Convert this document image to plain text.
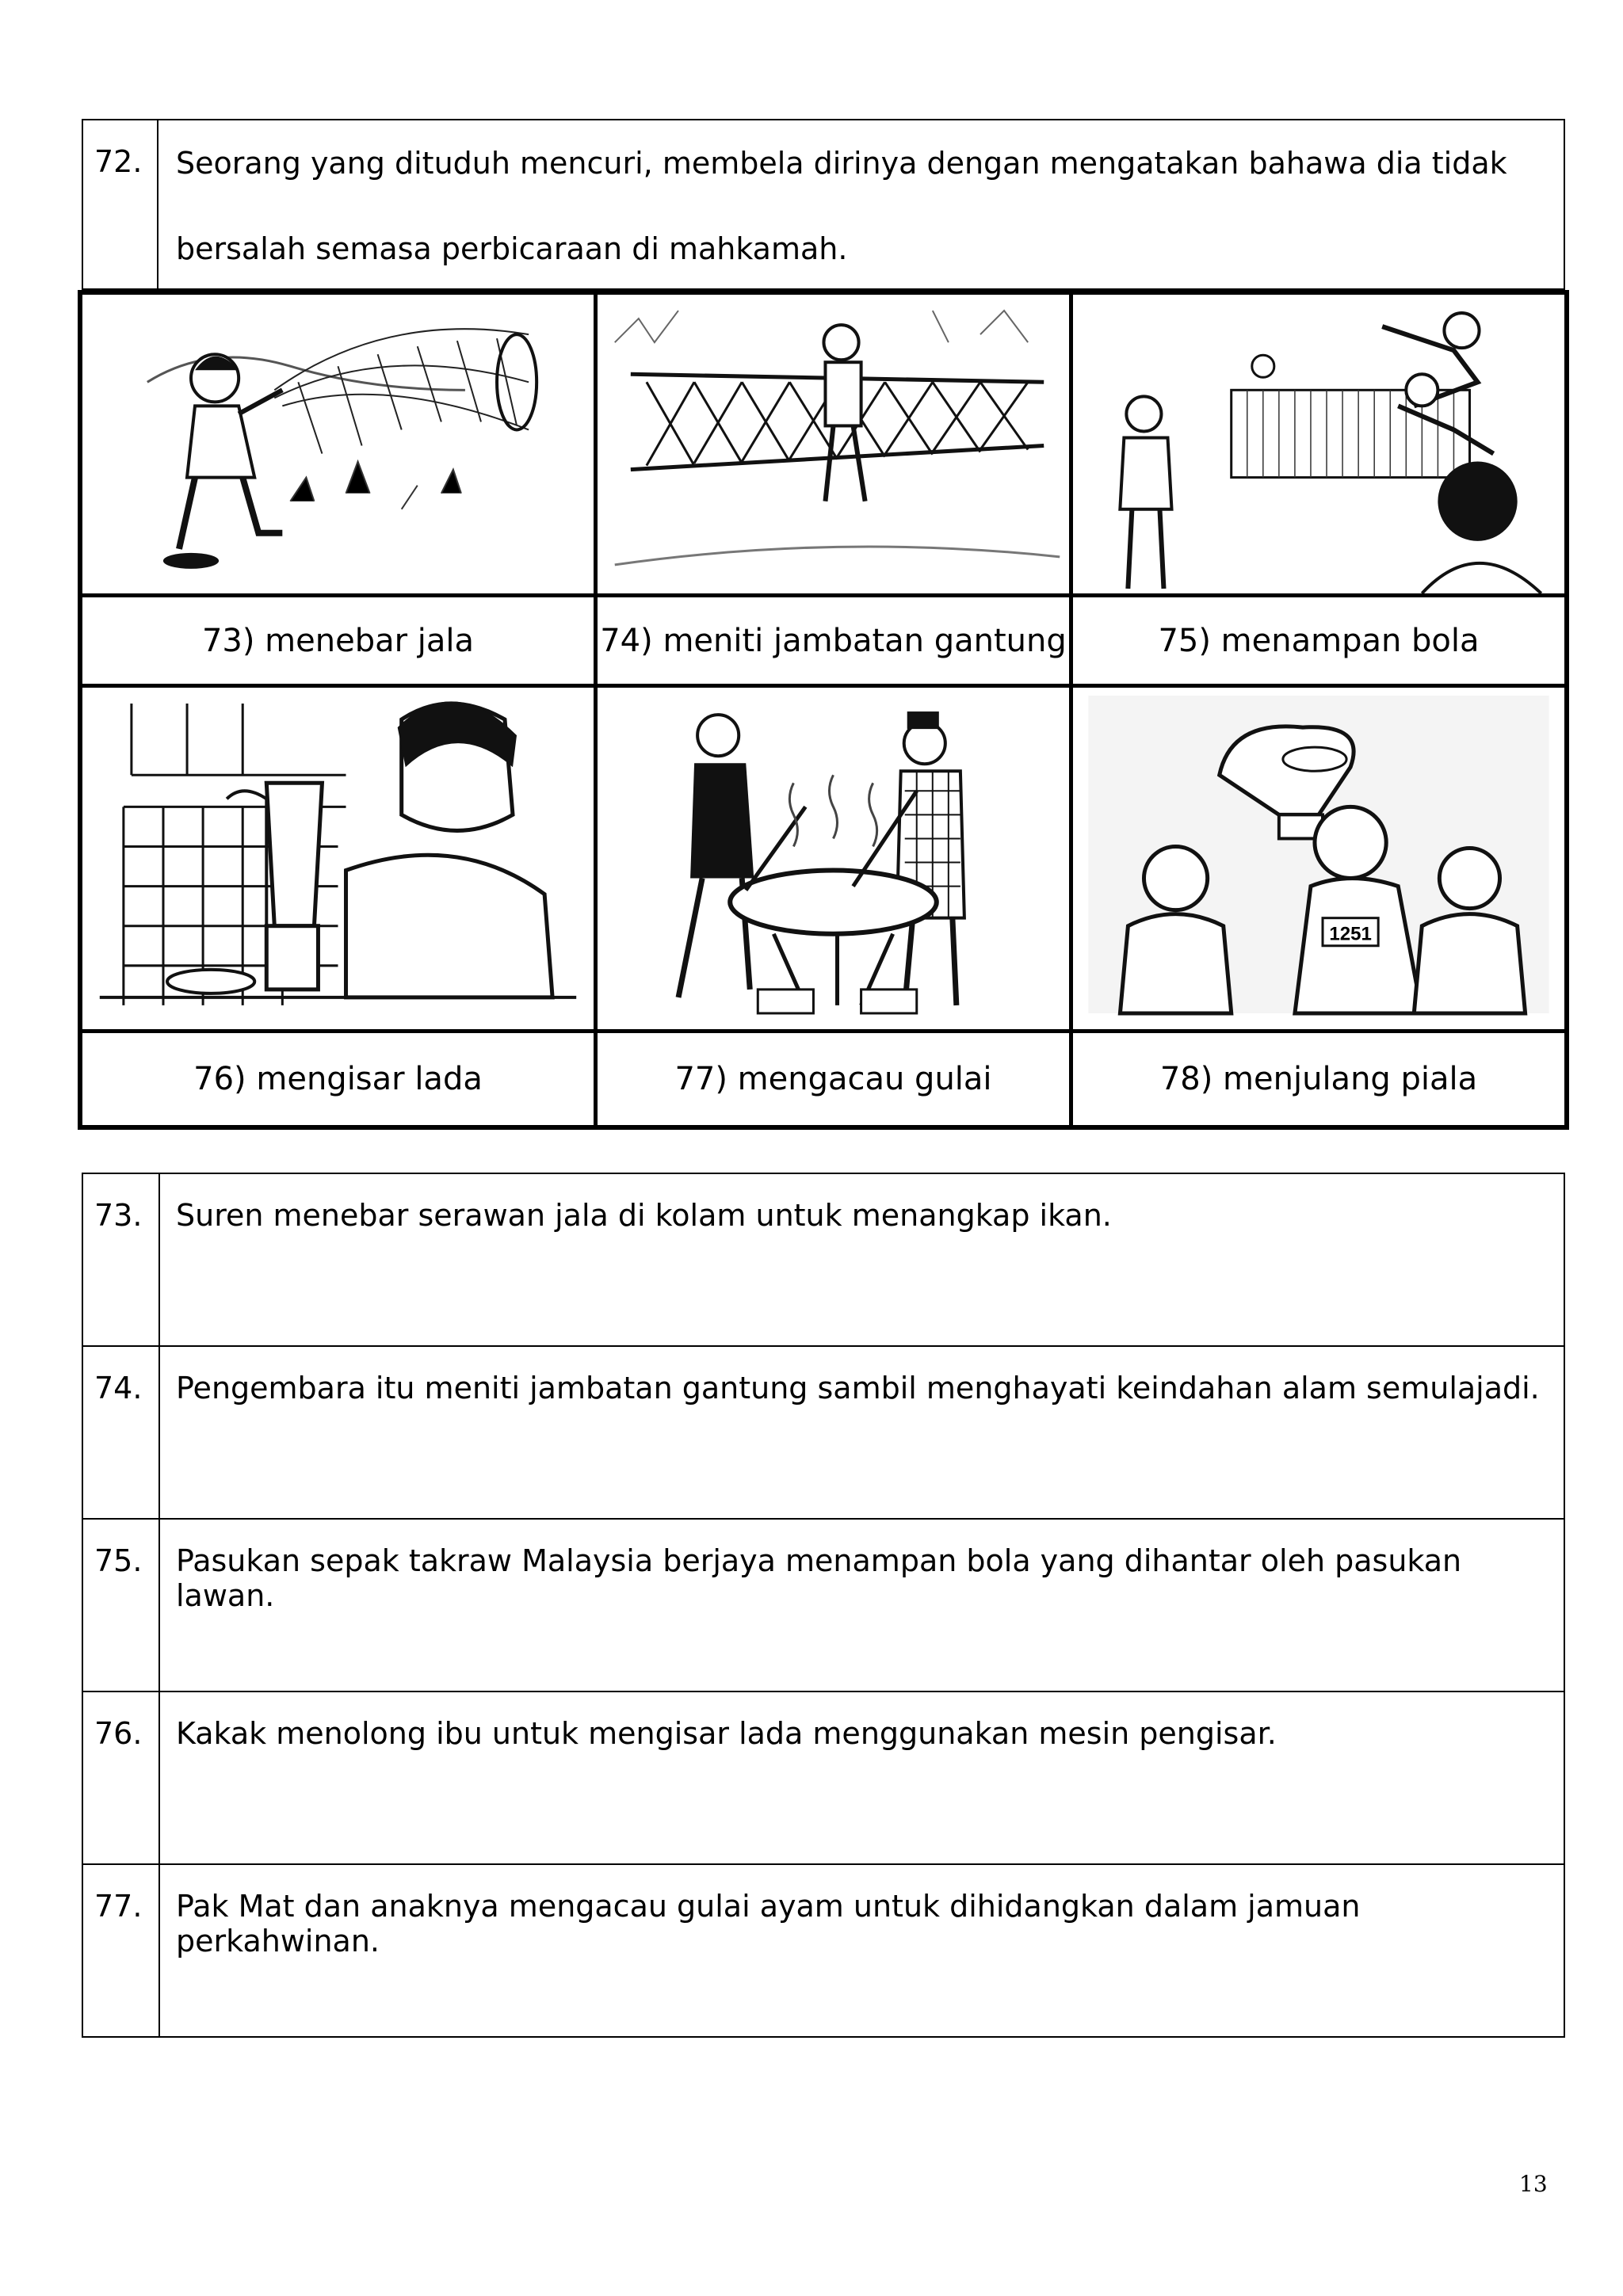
72.	Seorang yang dituduh mencuri, membela dirinya dengan mengatakan bahawa dia tidak
bersalah semasa perbicaraan di mahkamah.
73) menebar jala	74) meniti jambatan gantung	75) menampan bola
1251
76) mengisar lada	77) mengacau gulai	78) menjulang piala
73.	Suren menebar serawan jala di kolam untuk menangkap ikan.
74.	Pengembara itu meniti jambatan gantung sambil menghayati keindahan alam semulajadi.
75.	Pasukan sepak takraw Malaysia berjaya menampan bola yang dihantar oleh pasukan lawan.
76.	Kakak menolong ibu untuk mengisar lada menggunakan mesin pengisar.
77.	Pak Mat dan anaknya mengacau gulai ayam untuk dihidangkan dalam jamuan perkahwinan.
13
